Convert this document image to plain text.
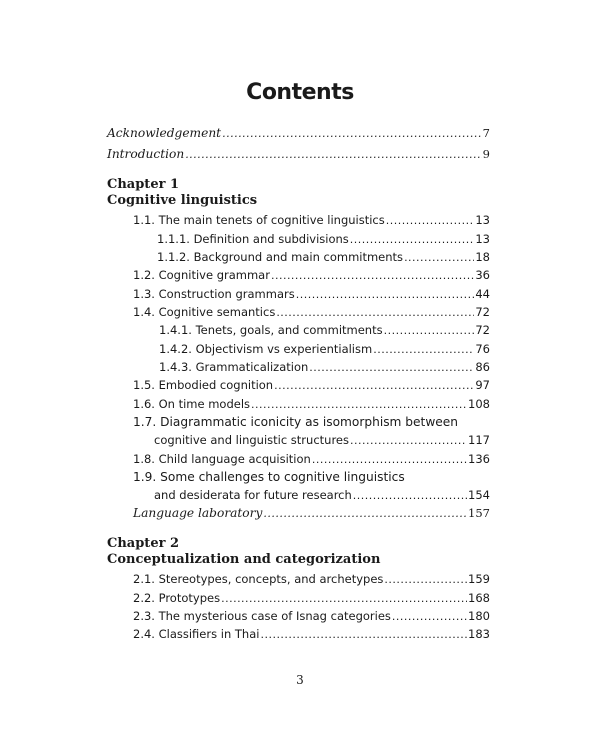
Contents
Acknowledgement .....	7
Introduction .....	9
Chapter 1
Cognitive linguistics
1.1. The main tenets of cognitive linguistics .....	13
1.1.1. Definition and subdivisions .....	13
1.1.2. Background and main commitments .....	18
1.2. Cognitive grammar .....	36
1.3. Construction grammars .....	44
1.4. Cognitive semantics .....	72
1.4.1. Tenets, goals, and commitments .....	72
1.4.2. Objectivism vs experientialism .....	76
1.4.3. Grammaticalization .....	86
1.5. Embodied cognition .....	97
1.6. On time models .....	108
1.7. Diagrammatic iconicity as isomorphism between
cognitive and linguistic structures .....	117
1.8. Child language acquisition .....	136
1.9. Some challenges to cognitive linguistics
and desiderata for future research .....	154
Language laboratory .....	157
Chapter 2
Conceptualization and categorization
2.1. Stereotypes, concepts, and archetypes .....	159
2.2. Prototypes .....	168
2.3. The mysterious case of Isnag categories .....	180
2.4. Classifiers in Thai .....	183
3
